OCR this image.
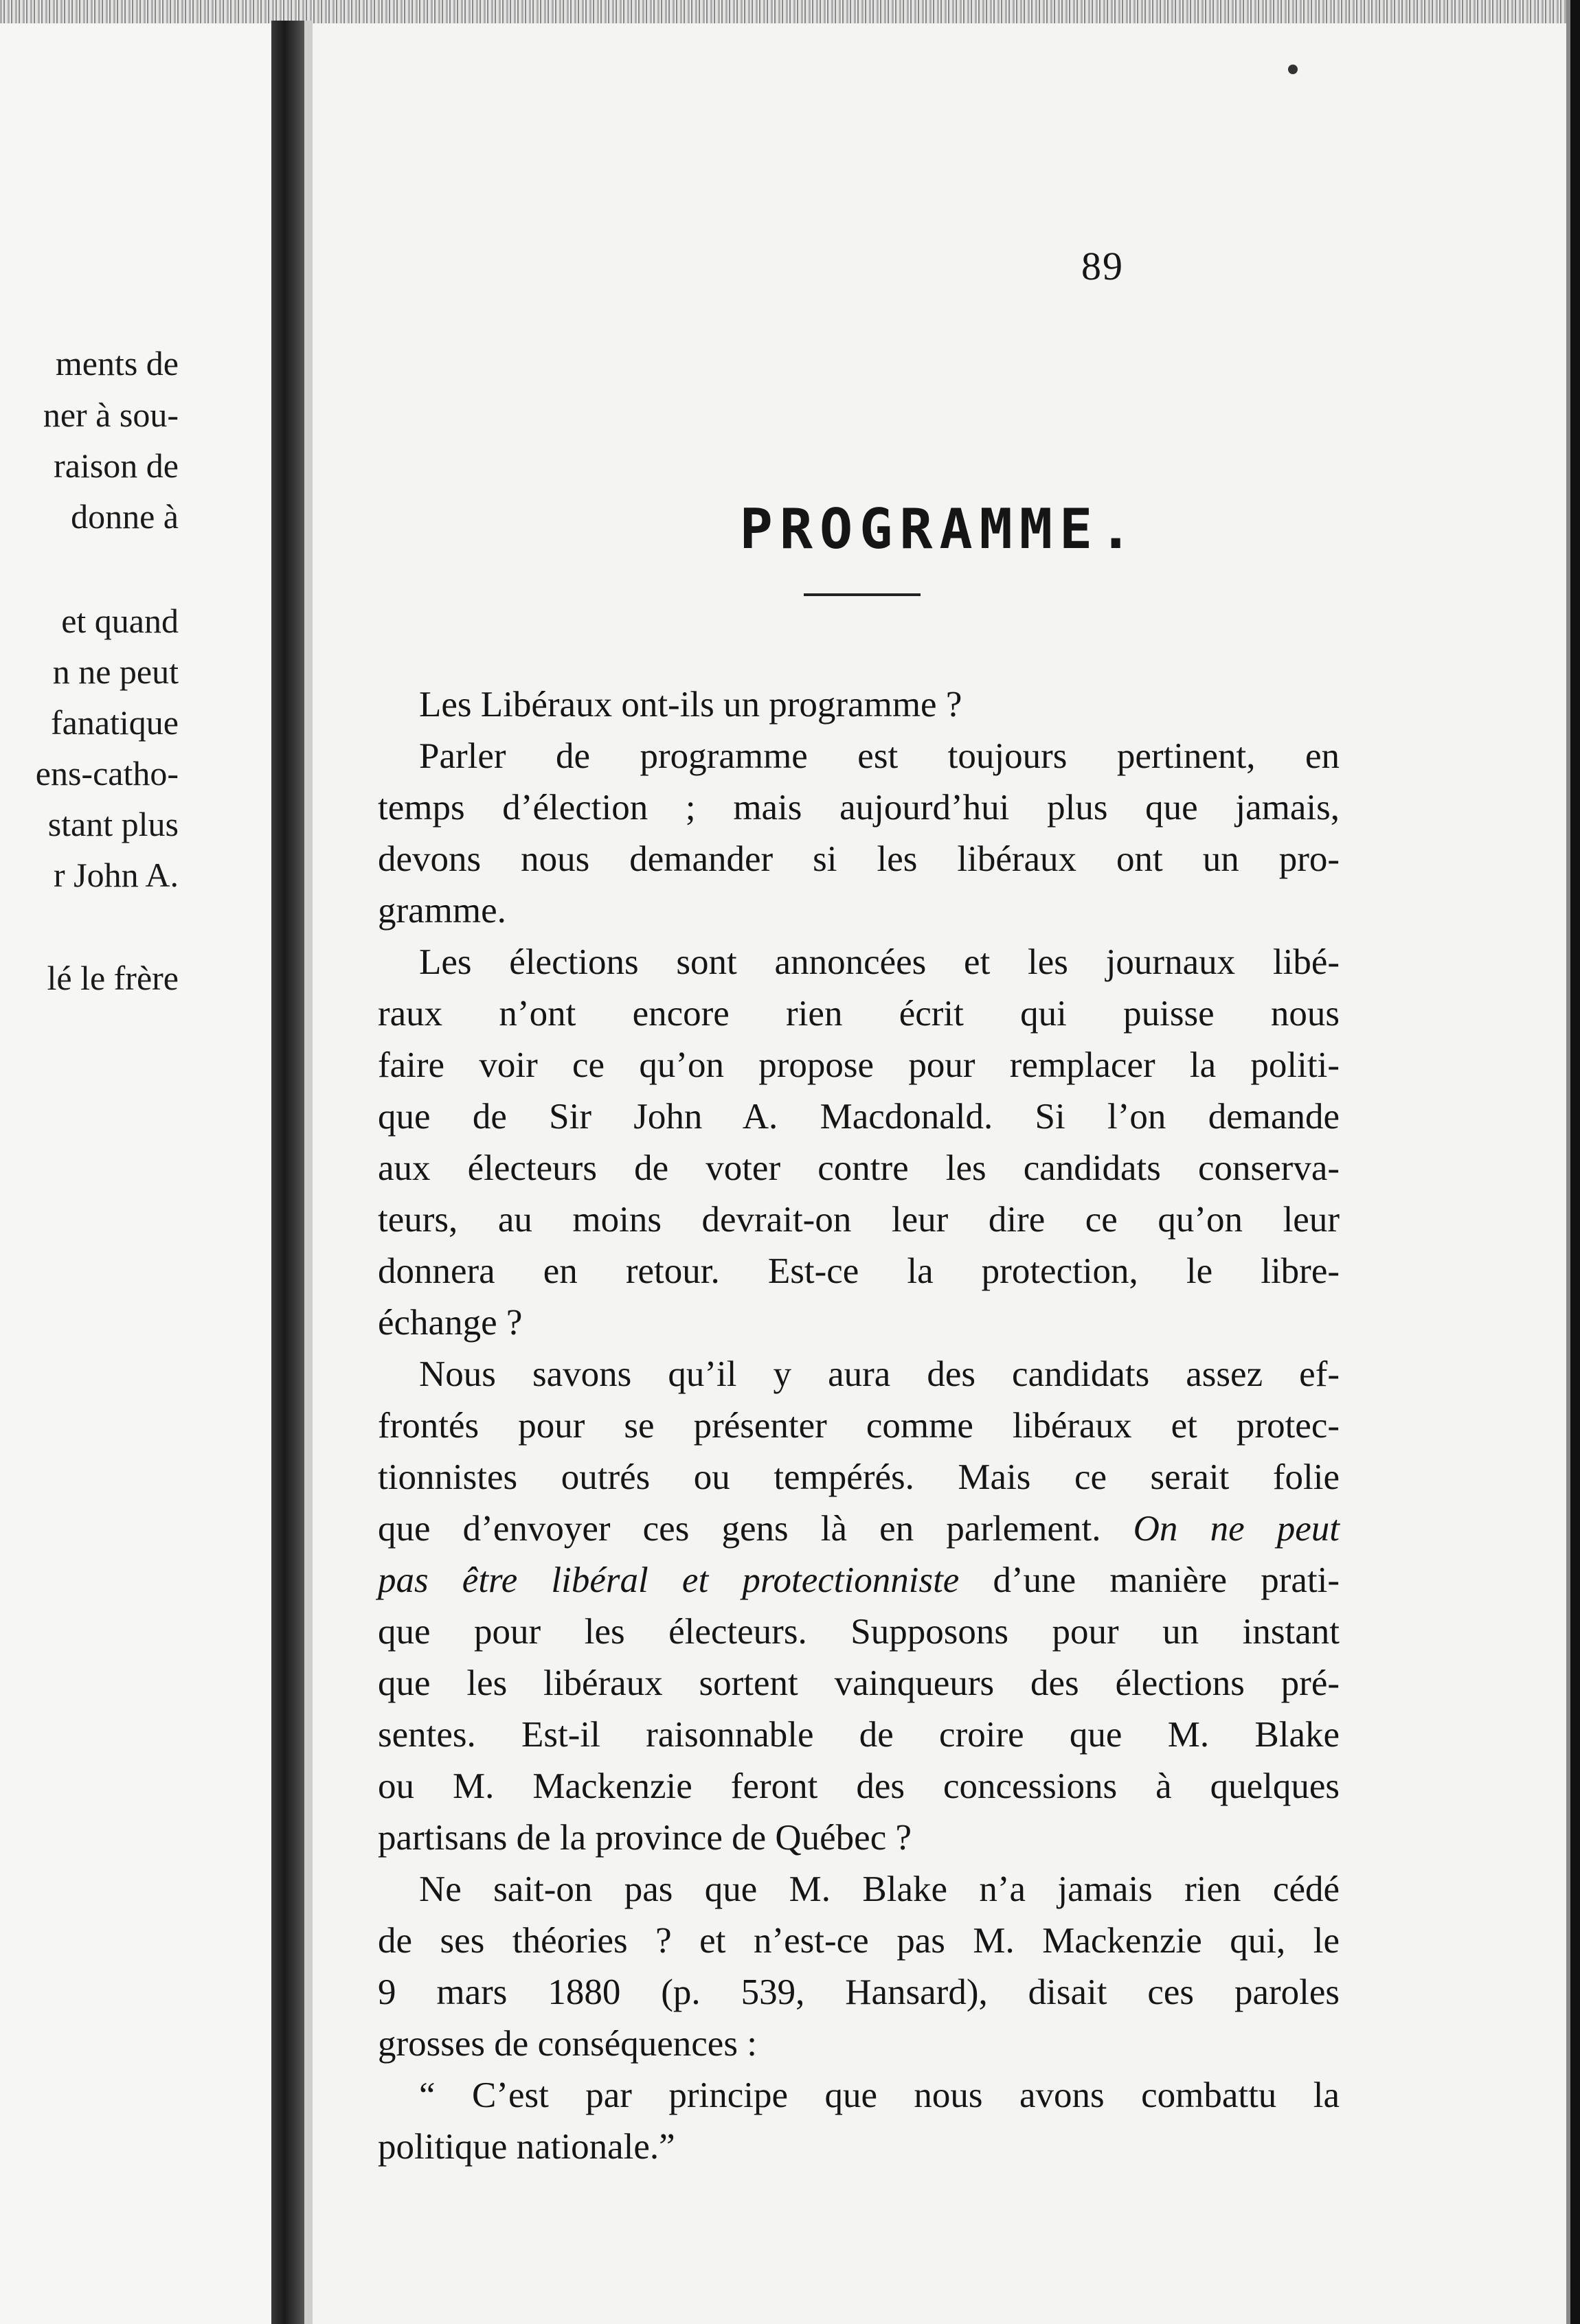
ments de
ner à sou-
raison de
donne à
et quand
n ne peut
fanatique
ens-catho-
stant plus
r John A.
lé le frère
89
PROGRAMME.
Les Libéraux ont-ils un programme ?
Parler de programme est toujours pertinent, en
temps d’élection ; mais aujourd’hui plus que jamais,
devons nous demander si les libéraux ont un pro-
gramme.
Les élections sont annoncées et les journaux libé-
raux n’ont encore rien écrit qui puisse nous
faire voir ce qu’on propose pour remplacer la politi-
que de Sir John A. Macdonald. Si l’on demande
aux électeurs de voter contre les candidats conserva-
teurs, au moins devrait-on leur dire ce qu’on leur
donnera en retour. Est-ce la protection, le libre-
échange ?
Nous savons qu’il y aura des candidats assez ef-
frontés pour se présenter comme libéraux et protec-
tionnistes outrés ou tempérés. Mais ce serait folie
que d’envoyer ces gens là en parlement. On ne peut
pas être libéral et protectionniste d’une manière prati-
que pour les électeurs. Supposons pour un instant
que les libéraux sortent vainqueurs des élections pré-
sentes. Est-il raisonnable de croire que M. Blake
ou M. Mackenzie feront des concessions à quelques
partisans de la province de Québec ?
Ne sait-on pas que M. Blake n’a jamais rien cédé
de ses théories ? et n’est-ce pas M. Mackenzie qui, le
9 mars 1880 (p. 539, Hansard), disait ces paroles
grosses de conséquences :
“ C’est par principe que nous avons combattu la
politique nationale.”
